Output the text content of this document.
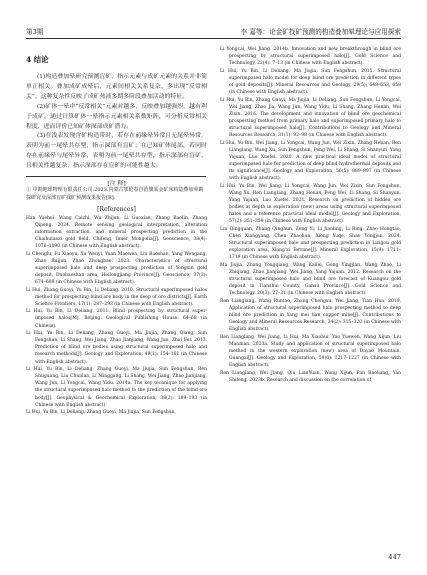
第3期	李 嘉等：论金矿找矿预测的构造叠加晕理论与应用探索
4 结论

(1)构造叠加晕研究预测盲矿、指示元素与成矿元素的关系并非简单正相关。叠加成矿成晕后，元素间相关关系复杂，多出现“反常相关”。这种复杂性反映了成矿热液多期多阶段叠加活动的特征。

(2)矿体一晕中“反常相关”元素对越多，反映叠加越强烈，越有利于成矿。通过计算矿体一晕指示元素相关系数矩阵，可分析反常相关程度，进而评价已知矿体深部成矿潜力。

(3)在浅表发现含矿构造带时，若存在前缘晕异常且无尾晕异常，表明为前一尾晕共存型，指示深部有盲矿；在已知矿体尾部，若同时存在前缘晕与尾晕异常，表明为前一尾晕共存型，指示深部有盲矿，且相关性越复杂，指示深部存在盲矿的可能性越大。

[注 释]

① 中勘地球物理有限责任公司.2023.内蒙古鄂伦春自治旗某金矿床构造叠加晕勘探研究及深部盲矿找矿预测成果报告[R].

[References]

Han Yuehui, Wang Caizhi, Wu Zhijun, Li Guoxian, Zhang Baolin, Zhang Qipeng. 2024. Remote sensing geological interpretation, alteration information extraction, and mineral prospecting prediction in the Chaihulanzi gold field, Chifeng, Inner Mongolia[J]. Geoscience, 38(4): 1076–1090 (in Chinese with English abstract).

Li Chenglu, Fu Xiaoyu, Xu Wenyi, Yuan Maowen, Liu Baoshan, Yang Wengang, Zhao Ruijun, Zhao Zhongbao. 2023. Characteristics of structural superimposed halo and deep prospecting prediction of Yongxin gold deposit, Duobaoshan area, Heilongjiang Province[J]. Geoscience, 37(3): 674–689 (in Chinese with English abstract).

Li Hui, Zhang Guoyi, Yu Bin, Li Deliang. 2010. Structural superimposed halos method for prospecting blind ore body in the deep of ore districts[J]. Earth Science Frontiers, 17(1): 287–293 (in Chinese with English abstract).

Li Hui, Yu Bin, Li Deliang. 2011. Blind prospecting by structural super-imposed halos[M]. Beijing: Geological Publishing House: 64–68 (in Chinese).

Li Hui, Yu Bin, Li Deliang, Zhang Guoyi, Ma Jiujia, Zhang Qiang, Sun Fengshun, Li Shang, Wei Jiang, Zhao Jianjiang, Wang Jun, Zhai Fei. 2013. Prediction of blind ore bodies using structural superimposed halo and research methods[J]. Geology and Exploration, 49(1): 154–161 (in Chinese with English abstract).

Li Hui, Yu Bin, Li Deliang, Zhang Guoyi, Ma Jiujia, Sun Fengshun, Ren Shuguang, Liu Chunlan, Li Minggang, Li Shang, Wei Jiang, Zhao Jianjiang, Wang Jun, Li Yongcai, Wang Yidu. 2014a. The key technique for applying the structural superimposed halo method to the prediction of the blind ore body[J]. Geophysical & Geochemical Exploration, 38(2): 189–193 (in Chinese with English abstract).

Li Hui, Yu Bin, Li Deliang, Zhang Guoyi, Ma Jiujia, Sun Fengshun,

Li Yongcai, Wei Jiang. 2014b. Innovation and new breakthrough in blind ore prospecting by structural superimposed halo[J]. Gold Science and Technology, 22(4): 7–13 (in Chinese with English abstract).

Li Hui, Yu Bin, Li Deliang, Ma Jiujia, Sun Fengshun. 2015. Structural superimposed halo model for deep blind ore prediction in different types of gold deposits[J]. Mineral Resources and Geology, 29(5): 648–653, 658 (in Chinese with English abstract).

Li Hui, Yu Bin, Zhang Guoyi, Ma Jiujia, Li Deliang, Sun Fengshun, Li Yongcai, Wei Jiang, Zhao Jia, Wang Jun, Wang Yidu, Li Shang, Zhang Henan, Wei Zixin. 2016. The development and innovation of blind ore geochemical prospecting method from primary halo and superimposed primary halo to structural superimposed halo[J]. Contributions to Geology and Mineral Resources Research, 31(1): 92–98 (in Chinese with English abstract).

Li Hui, Yu Bin, Wei Jiang, Li Yongcai, Wang Jun, Wei Zixin, Zhang Henan, Ren Lianglang, Wang Xu, Sun Fengshun, Peng Wei, Li Shang, Si Shanyun, Yang Yajuan, Luo Xuefei. 2020. A new practical ideal model of structural superimposed halo for prediction of deep blind hydrothermal deposits and its significance[J]. Geology and Exploration, 56(5): 889–897 (in Chinese with English abstract).

Li Hui, Yu Bin, Wei Jiang, Li Yongcai, Wang Jun, Wei Zixin, Sun Fengshun, Wang Xu, Ren Lianglang, Zhang Henan, Peng Wei, Li Shang, Si Shanyun, Yang Yajuan, Luo Xuefei. 2021. Research on prediction of hidden ore bodies at depth in exploration (new) areas using structural superimposed halos and a reference practical ideal model[J]. Geology and Exploration, 57(2): 351–359 (in Chinese with English abstract).

Lin Qingquan, Zhang Qinghun, Zeng Yi, Li Jianling, Li Bing, Zhao Hongtao, Chen Xiangyang, Chen Zhaohua, Xiong Yuqe, Shao Yongjun. 2024. Structural superimposed halo and prospecting prediction in Lizigou gold exploration area, Xiang'xi Terrane[J]. Mineral Exploration, 15(9): 1711–1719 (in Chinese with English abstract).

Ma Jiujia, Zhang Yongqiang, Wang Kailei, Gong Yingjian, Wang Zhao, Li Zhiqiang, Zhao Jianjiang, Wei Jiang, Yang Yajuan. 2012. Research on the structural superimposed halo and blind ore forecast of Kuangou gold deposit in Tianshui County, Gansu Province[J]. Gold Science and Technology, 20(3): 27–31 (in Chinese with English abstract).

Ren Lianglang, Wang Runtao, Zhang Chengxu, Wei Jiang, Tian Hua. 2019. Application of structural superimposed halo prospecting method to deep blind ore prediction in Yang mei tian copper mine[J]. Contributions to Geology and Mineral Resources Research, 34(2): 315–320 (in Chinese with English abstract).

Ren Lianglang, Wei Jiang, Li Hui, Ma Xiaohui, Yao Yuewen, Wang Xijun, Liu Manman. 2023a. Study and application of structural superimposed halo method in the western exploration (new) area of Dayao Mountain, Guangxi[J]. Geology and Exploration, 59(6): 1217–1227 (in Chinese with English abstract).

Ren Lianglang, Wei Jiang, Qiu LianYuan, Wang Xijun, Pan Baoliang, Yan Shifeng. 2023b. Research and discussion on the correlation of

447
